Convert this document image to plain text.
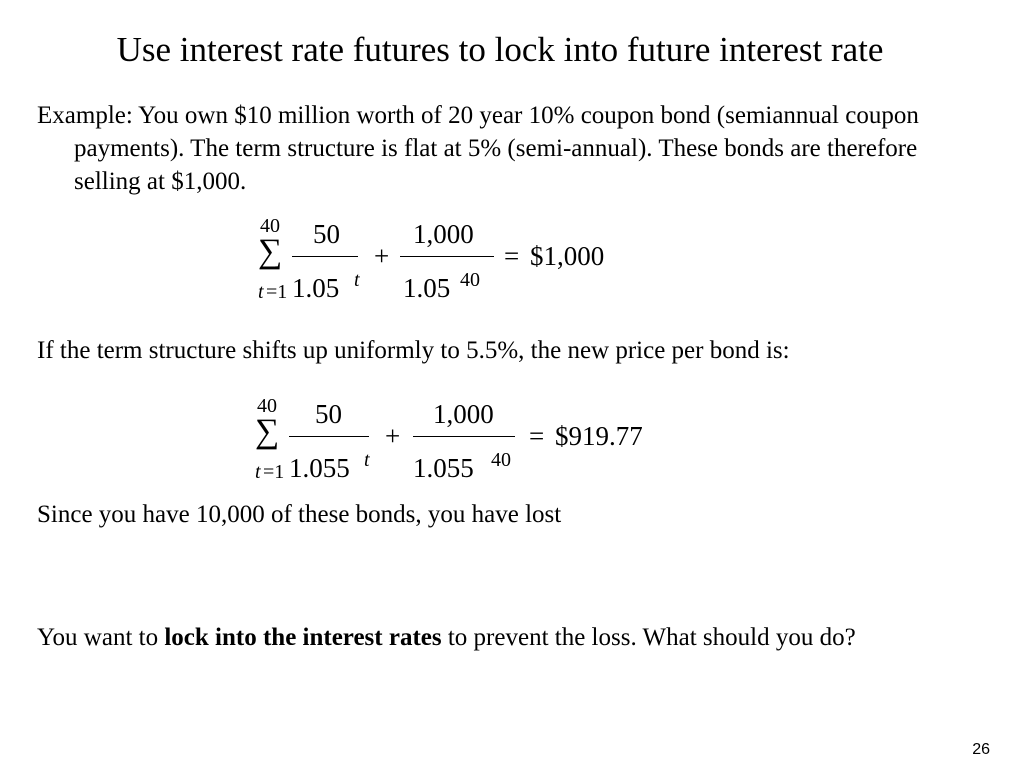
Use interest rate futures to lock into future interest rate
Example: You own $10 million worth of 20 year 10% coupon bond (semiannual coupon payments). The term structure is flat at 5% (semi-annual). These bonds are therefore selling at $1,000.
40
∑
t =1
50
1.05 t
+
1,000
1.05 40
= $1,000
If the term structure shifts up uniformly to 5.5%, the new price per bond is:
40
∑
t =1
50
1.055 t
+
1,000
1.055 40
= $919.77
Since you have 10,000 of these bonds, you have lost
You want to lock into the interest rates to prevent the loss. What should you do?
26
